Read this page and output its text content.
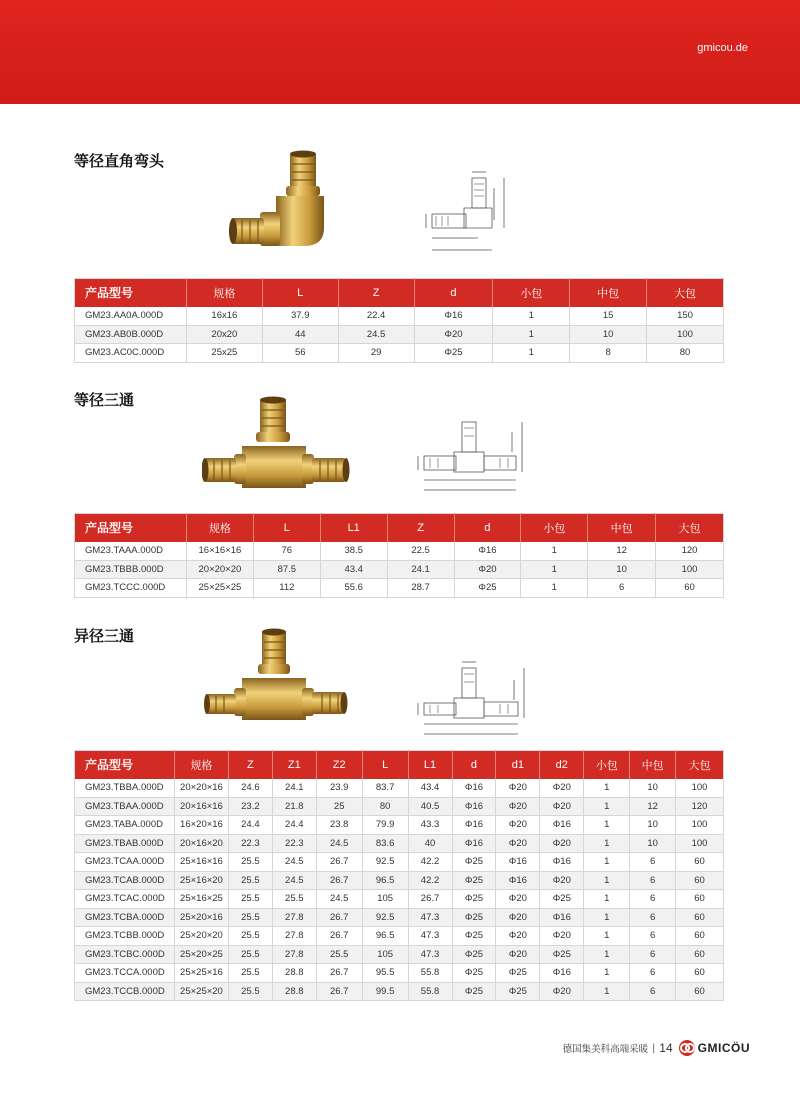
gmicou.de
等径直角弯头
产品型号	规格	L	Z	d	小包	中包	大包
GM23.AA0A.000D	16x16	37.9	22.4	Φ16	1	15	150
GM23.AB0B.000D	20x20	44	24.5	Φ20	1	10	100
GM23.AC0C.000D	25x25	56	29	Φ25	1	8	80
等径三通
产品型号	规格	L	L1	Z	d	小包	中包	大包
GM23.TAAA.000D	16×16×16	76	38.5	22.5	Φ16	1	12	120
GM23.TBBB.000D	20×20×20	87.5	43.4	24.1	Φ20	1	10	100
GM23.TCCC.000D	25×25×25	112	55.6	28.7	Φ25	1	6	60
异径三通
产品型号	规格	Z	Z1	Z2	L	L1	d	d1	d2	小包	中包	大包
GM23.TBBA.000D	20×20×16	24.6	24.1	23.9	83.7	43.4	Φ16	Φ20	Φ20	1	10	100
GM23.TBAA.000D	20×16×16	23.2	21.8	25	80	40.5	Φ16	Φ20	Φ20	1	12	120
GM23.TABA.000D	16×20×16	24.4	24.4	23.8	79.9	43.3	Φ16	Φ20	Φ16	1	10	100
GM23.TBAB.000D	20×16×20	22.3	22.3	24.5	83.6	40	Φ16	Φ20	Φ20	1	10	100
GM23.TCAA.000D	25×16×16	25.5	24.5	26.7	92.5	42.2	Φ25	Φ16	Φ16	1	6	60
GM23.TCAB.000D	25×16×20	25.5	24.5	26.7	96.5	42.2	Φ25	Φ16	Φ20	1	6	60
GM23.TCAC.000D	25×16×25	25.5	25.5	24.5	105	26.7	Φ25	Φ20	Φ25	1	6	60
GM23.TCBA.000D	25×20×16	25.5	27.8	26.7	92.5	47.3	Φ25	Φ20	Φ16	1	6	60
GM23.TCBB.000D	25×20×20	25.5	27.8	26.7	96.5	47.3	Φ25	Φ20	Φ20	1	6	60
GM23.TCBC.000D	25×20×25	25.5	27.8	25.5	105	47.3	Φ25	Φ20	Φ25	1	6	60
GM23.TCCA.000D	25×25×16	25.5	28.8	26.7	95.5	55.8	Φ25	Φ25	Φ16	1	6	60
GM23.TCCB.000D	25×25×20	25.5	28.8	26.7	99.5	55.8	Φ25	Φ25	Φ20	1	6	60
德国集美科高端采暖 | 14 GMICÖU
